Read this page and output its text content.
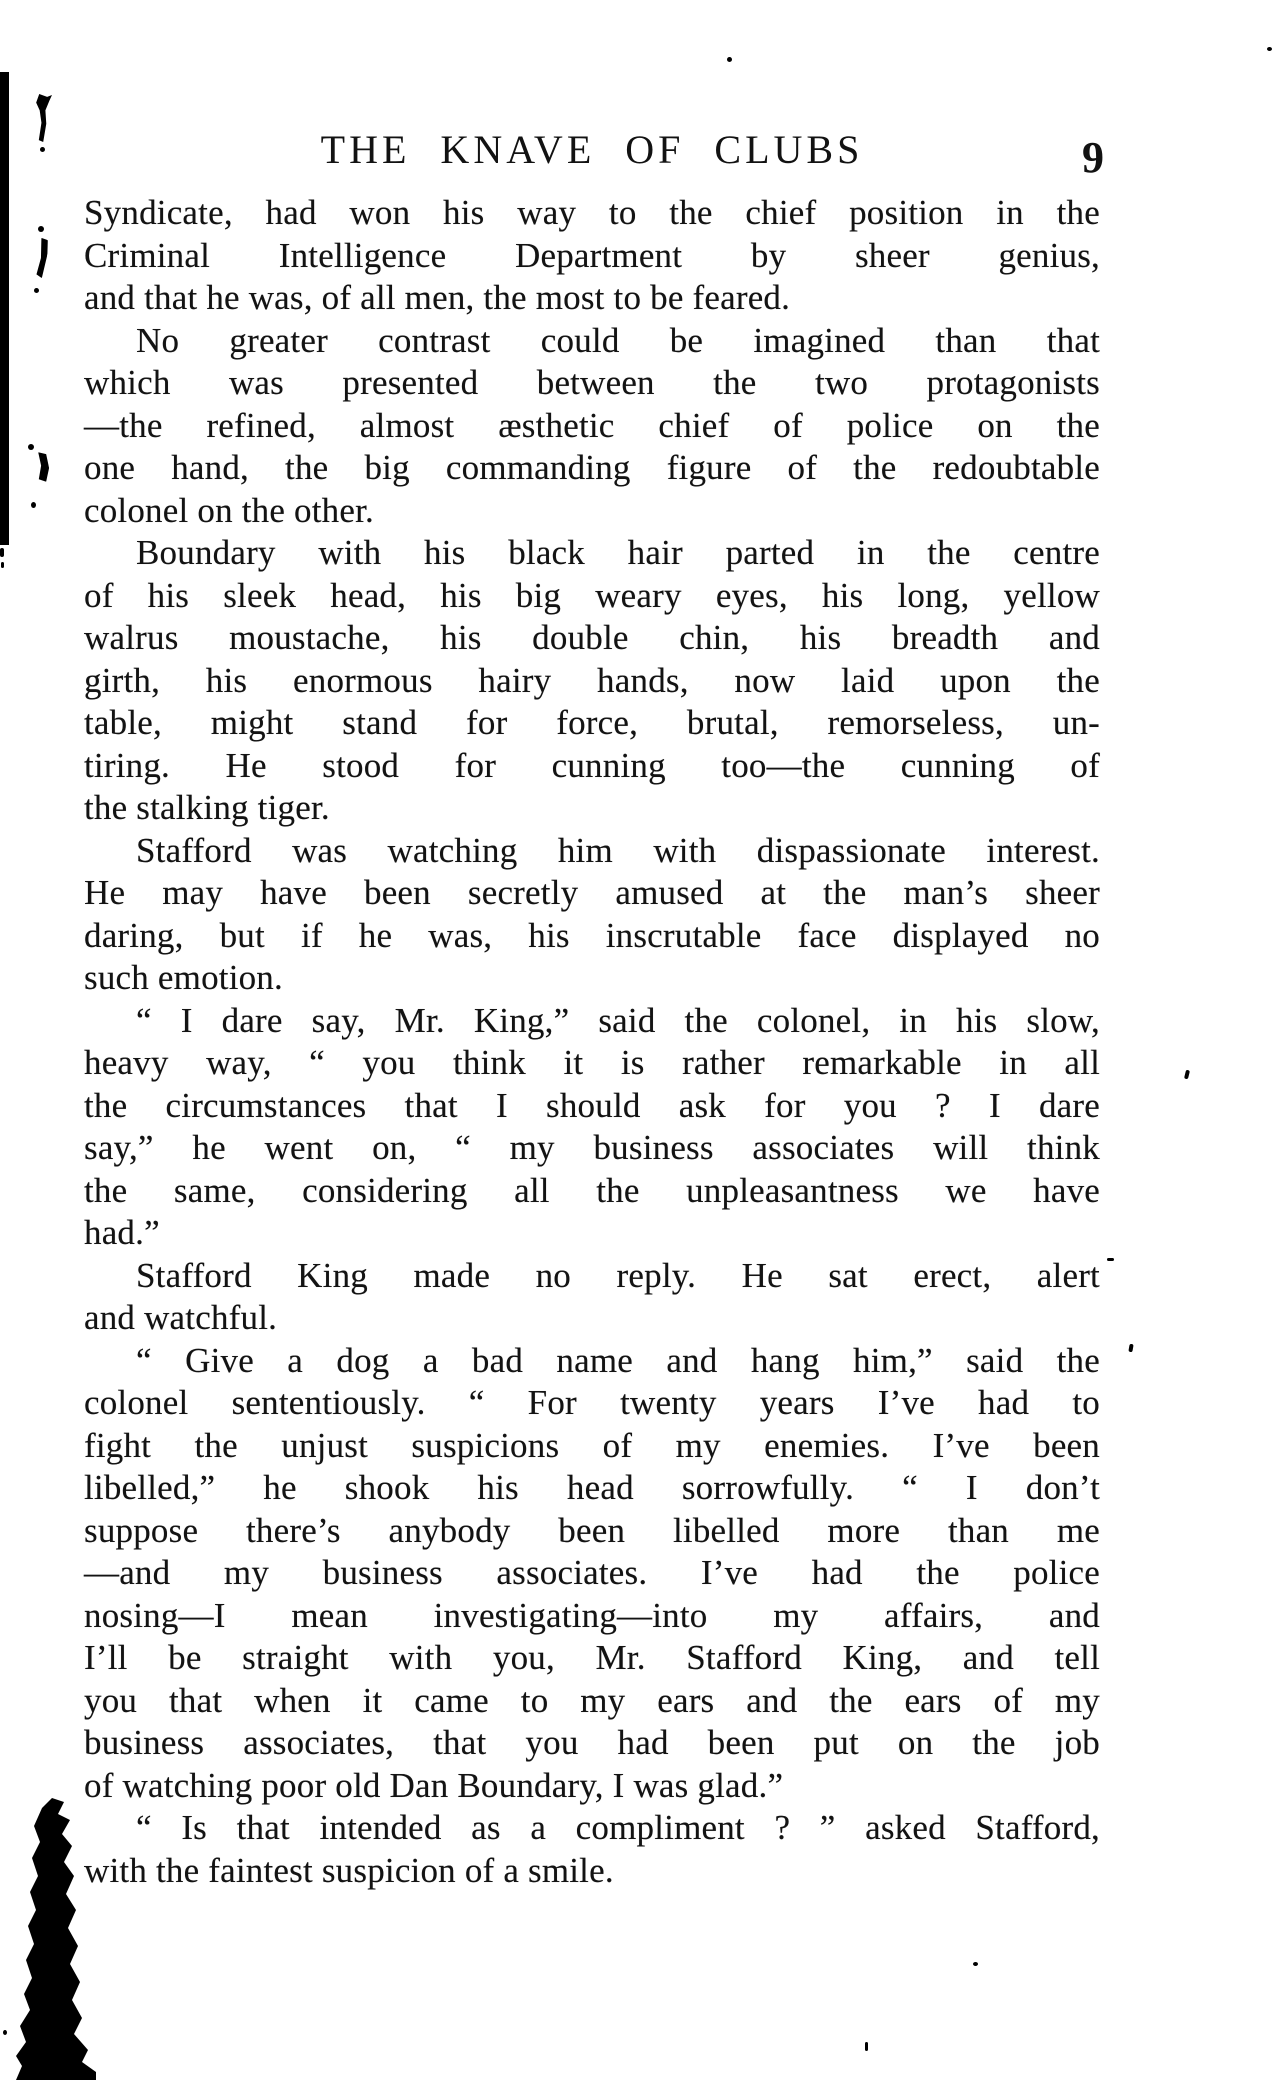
THE KNAVE OF CLUBS	9
Syndicate, had won his way to the chief position in the
Criminal Intelligence Department by sheer genius,
and that he was, of all men, the most to be feared.
No greater contrast could be imagined than that
which was presented between the two protagonists
—the refined, almost æsthetic chief of police on the
one hand, the big commanding figure of the redoubtable
colonel on the other.
Boundary with his black hair parted in the centre
of his sleek head, his big weary eyes, his long, yellow
walrus moustache, his double chin, his breadth and
girth, his enormous hairy hands, now laid upon the
table, might stand for force, brutal, remorseless, un-
tiring. He stood for cunning too—the cunning of
the stalking tiger.
Stafford was watching him with dispassionate interest.
He may have been secretly amused at the man’s sheer
daring, but if he was, his inscrutable face displayed no
such emotion.
“ I dare say, Mr. King,” said the colonel, in his slow,
heavy way, “ you think it is rather remarkable in all
the circumstances that I should ask for you ? I dare
say,” he went on, “ my business associates will think
the same, considering all the unpleasantness we have
had.”
Stafford King made no reply. He sat erect, alert
and watchful.
“ Give a dog a bad name and hang him,” said the
colonel sententiously. “ For twenty years I’ve had to
fight the unjust suspicions of my enemies. I’ve been
libelled,” he shook his head sorrowfully. “ I don’t
suppose there’s anybody been libelled more than me
—and my business associates. I’ve had the police
nosing—I mean investigating—into my affairs, and
I’ll be straight with you, Mr. Stafford King, and tell
you that when it came to my ears and the ears of my
business associates, that you had been put on the job
of watching poor old Dan Boundary, I was glad.”
“ Is that intended as a compliment ? ” asked Stafford,
with the faintest suspicion of a smile.
